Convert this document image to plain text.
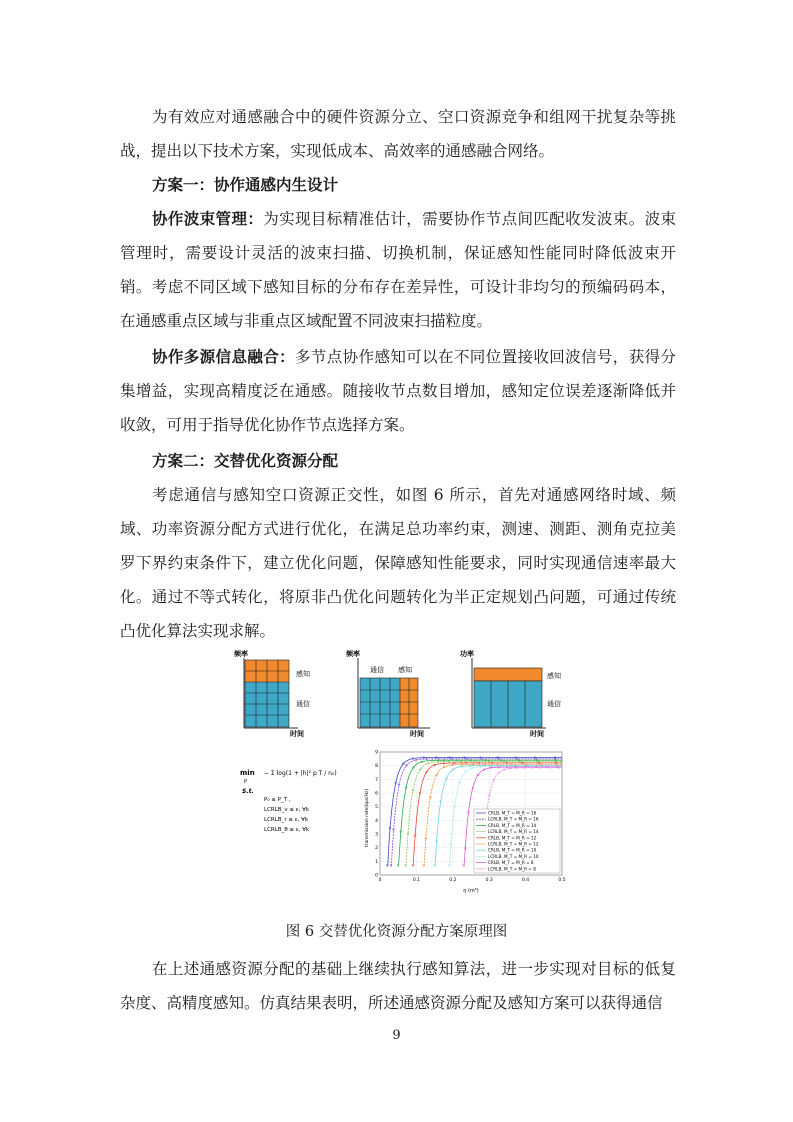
为有效应对通感融合中的硬件资源分立、空口资源竞争和组网干扰复杂等挑战，提出以下技术方案，实现低成本、高效率的通感融合网络。

方案一：协作通感内生设计

协作波束管理：为实现目标精准估计，需要协作节点间匹配收发波束。波束管理时，需要设计灵活的波束扫描、切换机制，保证感知性能同时降低波束开销。考虑不同区域下感知目标的分布存在差异性，可设计非均匀的预编码码本，在通感重点区域与非重点区域配置不同波束扫描粒度。

协作多源信息融合：多节点协作感知可以在不同位置接收回波信号，获得分集增益，实现高精度泛在通感。随接收节点数目增加，感知定位误差逐渐降低并收敛，可用于指导优化协作节点选择方案。

方案二：交替优化资源分配

考虑通信与感知空口资源正交性，如图 6 所示，首先对通感网络时域、频域、功率资源分配方式进行优化，在满足总功率约束，测速、测距、测角克拉美罗下界约束条件下，建立优化问题，保障感知性能要求，同时实现通信速率最大化。通过不等式转化，将原非凸优化问题转化为半正定规划凸问题，可通过传统凸优化算法实现求解。

频率
感知
通信
时间
频率
通信 感知
时间
功率
感知
通信
时间
min
P
− Σ log(1 + |h|² p T / n₀)
S.t.
P₀ ≤ P_T ,
LCRLB_v ≤ ε, ∀k
LCRLB_r ≤ ε, ∀k
LCRLB_θ ≤ ε, ∀k	transmission rate(bps/Hz)
η (m²)
0
1
2
3
4
5
6
7
8
9
0	0.1	0.2	0.3	0.4	0.5
CRLB, M_T = M_R = 16
LCRLB, M_T = M_R = 16
CRLB, M_T = M_R = 14
LCRLB, M_T = M_R = 14
CRLB, M_T = M_R = 12
LCRLB, M_T = M_R = 12
CRLB, M_T = M_R = 10
LCRLB, M_T = M_R = 10
CRLB, M_T = M_R = 8
LCRLB, M_T = M_R = 8
图 6 交替优化资源分配方案原理图

在上述通感资源分配的基础上继续执行感知算法，进一步实现对目标的低复杂度、高精度感知。仿真结果表明，所述通感资源分配及感知方案可以获得通信

9
